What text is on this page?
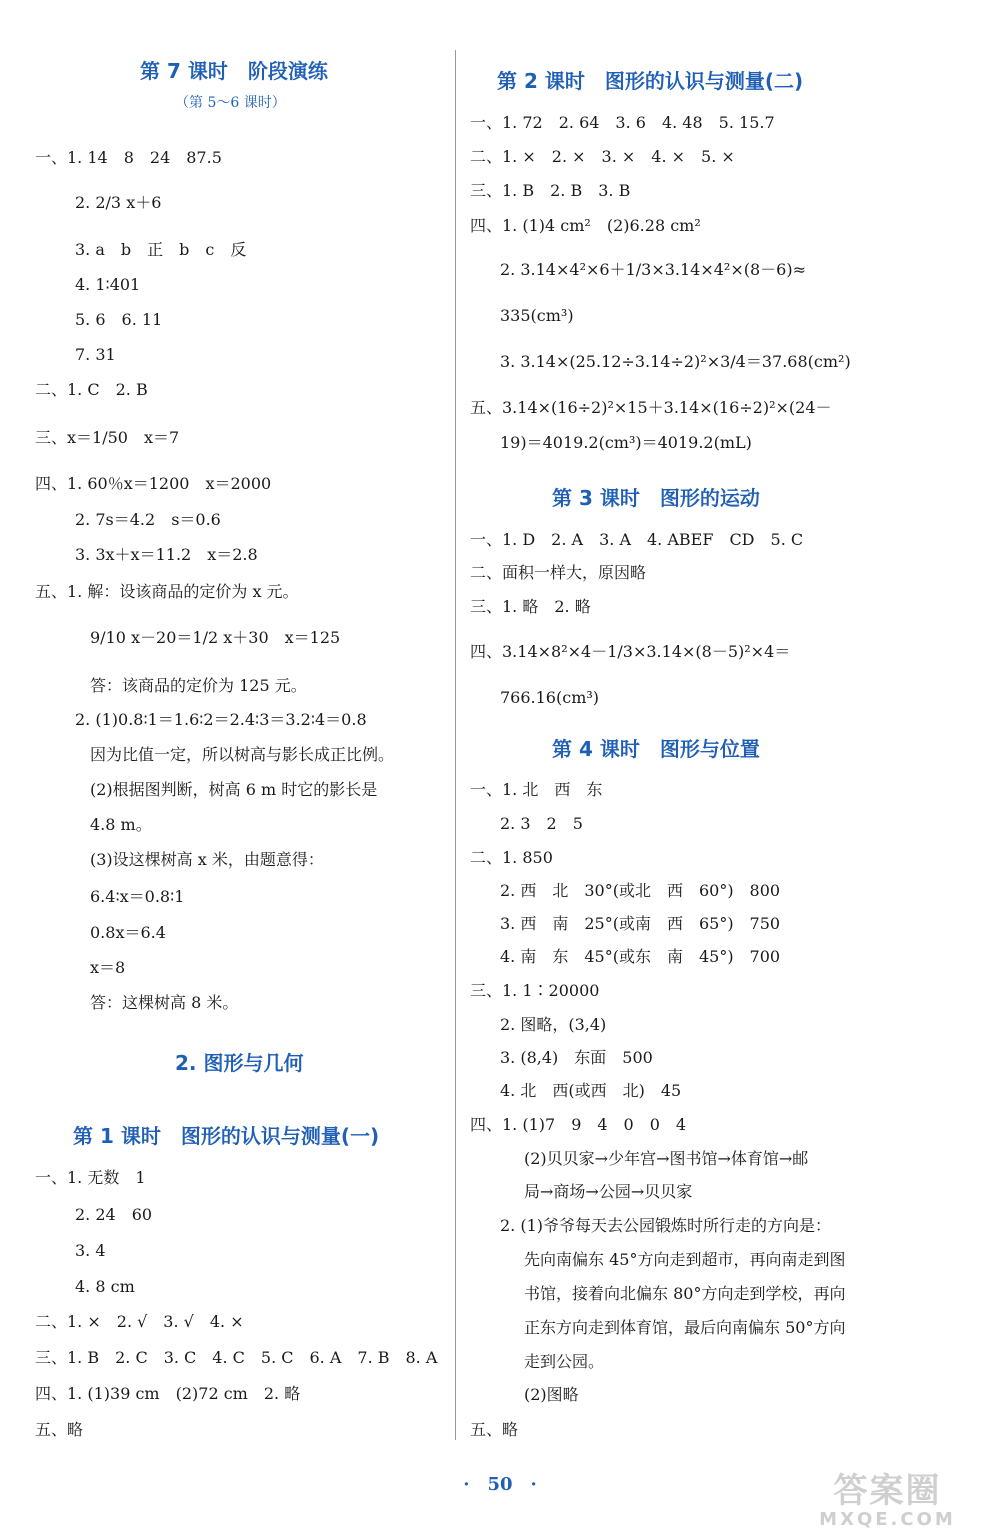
第 7 课时　阶段演练
（第 5～6 课时）
一、1. 14　8　24　87.5
2. 2/3 x＋6
3. a　b　正　b　c　反
4. 1∶401
5. 6　6. 11
7. 31
二、1. C　2. B
三、x＝1/50　x＝7
四、1. 60％x＝1200　x＝2000
2. 7s＝4.2　s＝0.6
3. 3x＋x＝11.2　x＝2.8
五、1. 解：设该商品的定价为 x 元。
9/10 x－20＝1/2 x＋30　x＝125
答：该商品的定价为 125 元。
2. (1)0.8∶1＝1.6∶2＝2.4∶3＝3.2∶4＝0.8
因为比值一定，所以树高与影长成正比例。
(2)根据图判断，树高 6 m 时它的影长是
4.8 m。
(3)设这棵树高 x 米，由题意得：
6.4∶x＝0.8∶1
0.8x＝6.4
x＝8
答：这棵树高 8 米。
2. 图形与几何
第 1 课时　图形的认识与测量(一)
一、1. 无数　1
2. 24　60
3. 4
4. 8 cm
二、1. ×　2. √　3. √　4. ×
三、1. B　2. C　3. C　4. C　5. C　6. A　7. B　8. A
四、1. (1)39 cm　(2)72 cm　2. 略
五、略
第 2 课时　图形的认识与测量(二)
一、1. 72　2. 64　3. 6　4. 48　5. 15.7
二、1. ×　2. ×　3. ×　4. ×　5. ×
三、1. B　2. B　3. B
四、1. (1)4 cm²　(2)6.28 cm²
2. 3.14×4²×6＋1/3×3.14×4²×(8－6)≈
335(cm³)
3. 3.14×(25.12÷3.14÷2)²×3/4＝37.68(cm²)
五、3.14×(16÷2)²×15＋3.14×(16÷2)²×(24－
19)＝4019.2(cm³)＝4019.2(mL)
第 3 课时　图形的运动
一、1. D　2. A　3. A　4. ABEF　CD　5. C
二、面积一样大，原因略
三、1. 略　2. 略
四、3.14×8²×4－1/3×3.14×(8－5)²×4＝
766.16(cm³)
第 4 课时　图形与位置
一、1. 北　西　东
2. 3　2　5
二、1. 850
2. 西　北　30°(或北　西　60°)　800
3. 西　南　25°(或南　西　65°)　750
4. 南　东　45°(或东　南　45°)　700
三、1. 1∶20000
2. 图略，(3,4)
3. (8,4)　东面　500
4. 北　西(或西　北)　45
四、1. (1)7　9　4　0　0　4
(2)贝贝家→少年宫→图书馆→体育馆→邮
局→商场→公园→贝贝家
2. (1)爷爷每天去公园锻炼时所行走的方向是：
先向南偏东 45°方向走到超市，再向南走到图
书馆，接着向北偏东 80°方向走到学校，再向
正东方向走到体育馆，最后向南偏东 50°方向
走到公园。
(2)图略
五、略
·　50　·	答案圈
MXQE.COM
